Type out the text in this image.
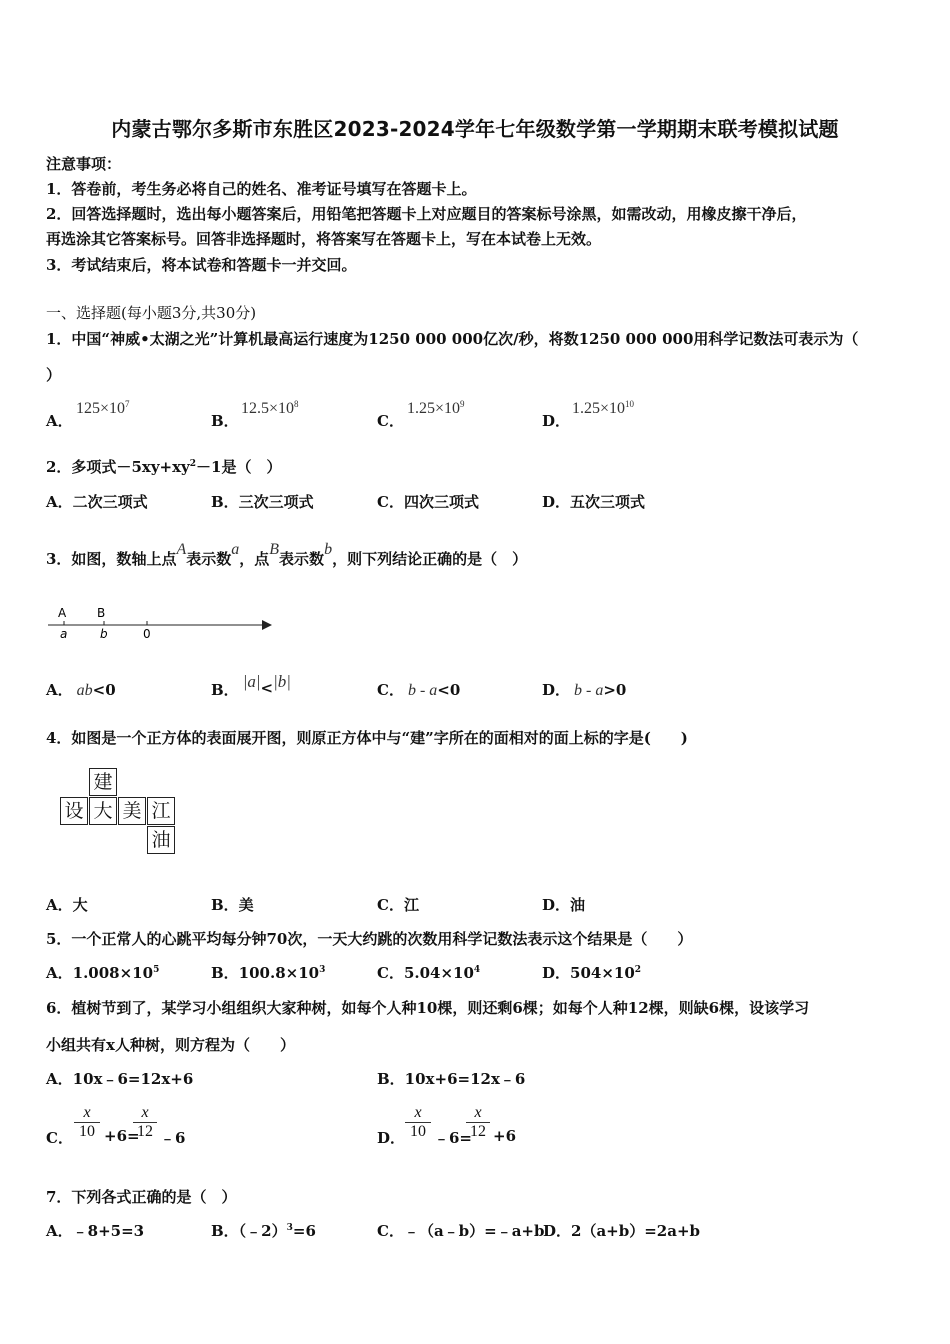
内蒙古鄂尔多斯市东胜区2023-2024学年七年级数学第一学期期末联考模拟试题
注意事项：
1．答卷前，考生务必将自己的姓名、准考证号填写在答题卡上。
2．回答选择题时，选出每小题答案后，用铅笔把答题卡上对应题目的答案标号涂黑，如需改动，用橡皮擦干净后，
再选涂其它答案标号。回答非选择题时，将答案写在答题卡上，写在本试卷上无效。
3．考试结束后，将本试卷和答题卡一并交回。
一、选择题(每小题3分,共30分)
1．中国“神威•太湖之光”计算机最高运行速度为1250 000 000亿次/秒，将数1250 000 000用科学记数法可表示为（
）
A．
$125\times 10^7$
B．
$12.5\times 10^8$
C．
$1.25\times 10^9$
D．
$1.25\times 10^{10}$
2．多项式$-5xy+xy^2-1$是（　）
A．二次三项式	B．三次三项式	C．四次三项式	D．五次三项式
3．如图，数轴上点A表示数a，点B表示数b，则下列结论正确的是（　）
A	B
a	b	0
A． ab<0	B． |a|<|b|	C． b - a<0	D． b - a>0
4．如图是一个正方体的表面展开图，则原正方体中与“建”字所在的面相对的面上标的字是(　　)
建
设 大 美 江
油
A．大	B．美	C．江	D．油
5．一个正常人的心跳平均每分钟70次，一天大约跳的次数用科学记数法表示这个结果是（　　）
A．$1.008\times 10^5$	B．$100.8\times 10^3$	C．$5.04\times 10^4$	D．$504\times 10^2$
6．植树节到了，某学习小组组织大家种树，如每个人种10棵，则还剩6棵；如每个人种12棵，则缺6棵，设该学习
小组共有x人种树，则方程为（　　）
A．10x﹣6=12x+6	B．10x+6=12x﹣6
C．
x
10 +6=
x
12 ﹣6	D．
x
10 ﹣6=
x
12 +6
7．下列各式正确的是（　）
A．﹣8+5=3	B．（﹣2）$^3$=6	C．﹣（a﹣b）=﹣a+b
D．2（a+b）=2a+b
